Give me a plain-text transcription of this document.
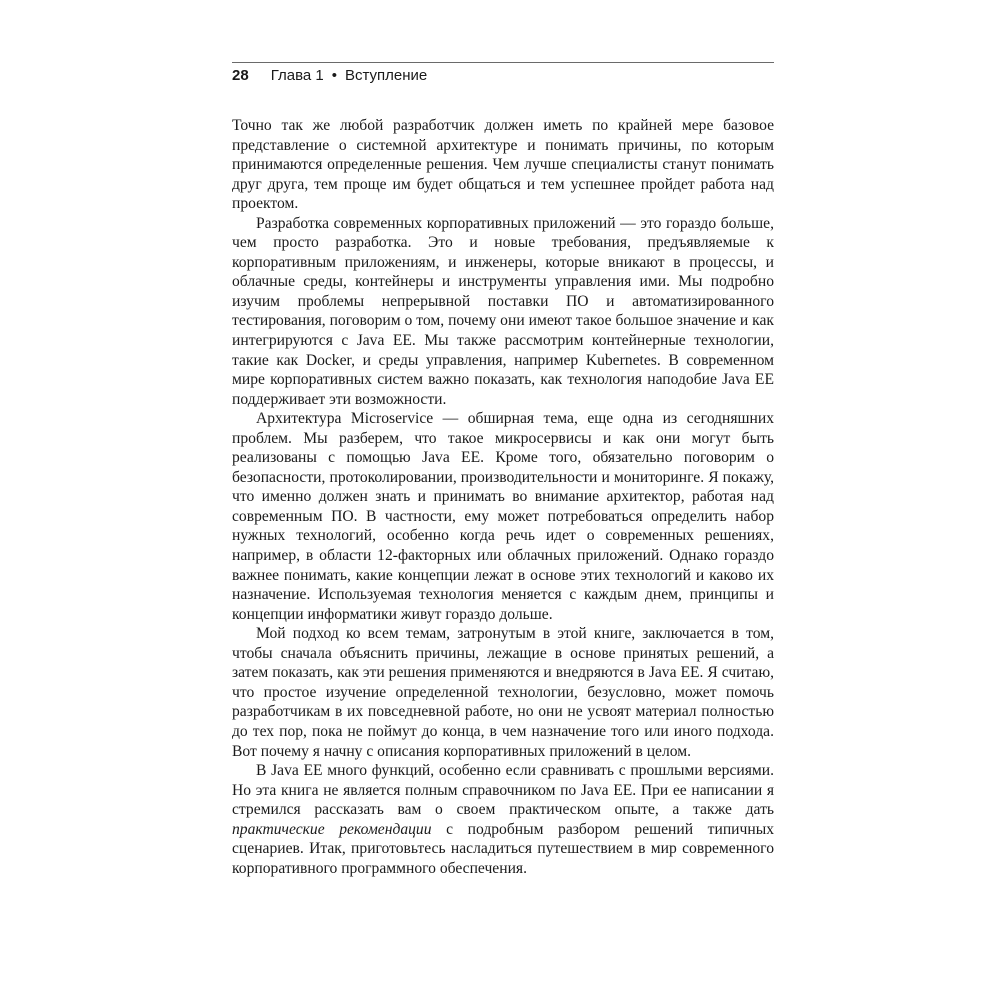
28 Глава 1 • Вступление

Точно так же любой разработчик должен иметь по крайней мере базовое представление о системной архитектуре и понимать причины, по которым принимаются определенные решения. Чем лучше специалисты станут понимать друг друга, тем проще им будет общаться и тем успешнее пройдет работа над проектом.

Разработка современных корпоративных приложений — это гораздо больше, чем просто разработка. Это и новые требования, предъявляемые к корпоративным приложениям, и инженеры, которые вникают в процессы, и облачные среды, контейнеры и инструменты управления ими. Мы подробно изучим проблемы непрерывной поставки ПО и автоматизированного тестирования, поговорим о том, почему они имеют такое большое значение и как интегрируются с Java EE. Мы также рассмотрим контейнерные технологии, такие как Docker, и среды управления, например Kubernetes. В современном мире корпоративных систем важно показать, как технология наподобие Java EE поддерживает эти возможности.

Архитектура Microservice — обширная тема, еще одна из сегодняшних проблем. Мы разберем, что такое микросервисы и как они могут быть реализованы с помощью Java EE. Кроме того, обязательно поговорим о безопасности, протоколировании, производительности и мониторинге. Я покажу, что именно должен знать и принимать во внимание архитектор, работая над современным ПО. В частности, ему может потребоваться определить набор нужных технологий, особенно когда речь идет о современных решениях, например, в области 12-факторных или облачных приложений. Однако гораздо важнее понимать, какие концепции лежат в основе этих технологий и каково их назначение. Используемая технология меняется с каждым днем, принципы и концепции информатики живут гораздо дольше.

Мой подход ко всем темам, затронутым в этой книге, заключается в том, чтобы сначала объяснить причины, лежащие в основе принятых решений, а затем показать, как эти решения применяются и внедряются в Java EE. Я считаю, что простое изучение определенной технологии, безусловно, может помочь разработчикам в их повседневной работе, но они не усвоят материал полностью до тех пор, пока не поймут до конца, в чем назначение того или иного подхода. Вот почему я начну с описания корпоративных приложений в целом.

В Java EE много функций, особенно если сравнивать с прошлыми версиями. Но эта книга не является полным справочником по Java EE. При ее написании я стремился рассказать вам о своем практическом опыте, а также дать практические рекомендации с подробным разбором решений типичных сценариев. Итак, приготовьтесь насладиться путешествием в мир современного корпоративного программного обеспечения.
